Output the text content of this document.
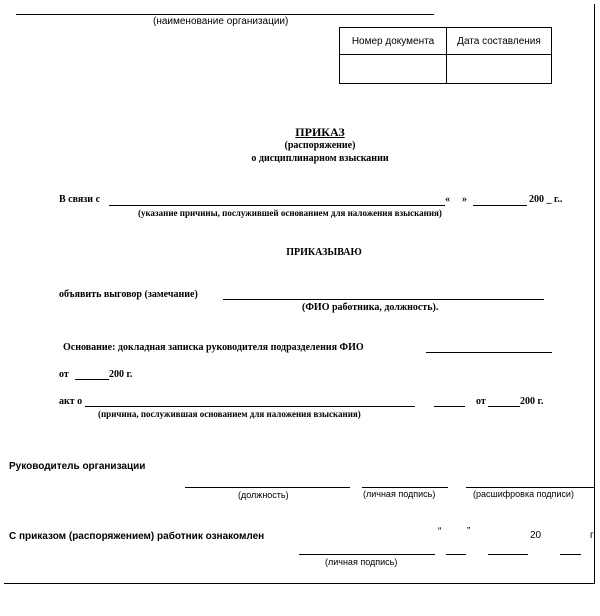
(наименование организации)
Номер документа	Дата составления

ПРИКАЗ
(распоряжение)
о дисциплинарном взыскании
В связи с	« »	200 _ г..
(указание причины, послужившей основанием для наложения взыскания)
ПРИКАЗЫВАЮ
объявить выговор (замечание)
(ФИО работника, должность).
Основание: докладная записка руководителя подразделения ФИО
от	200 г.
акт о	от	200 г.
(причина, послужившая основанием для наложения взыскания)
Руководитель организации
(должность)	(личная подпись)	(расшифровка подписи)
С приказом (распоряжением) работник ознакомлен	“	”	20	г
(личная подпись)
